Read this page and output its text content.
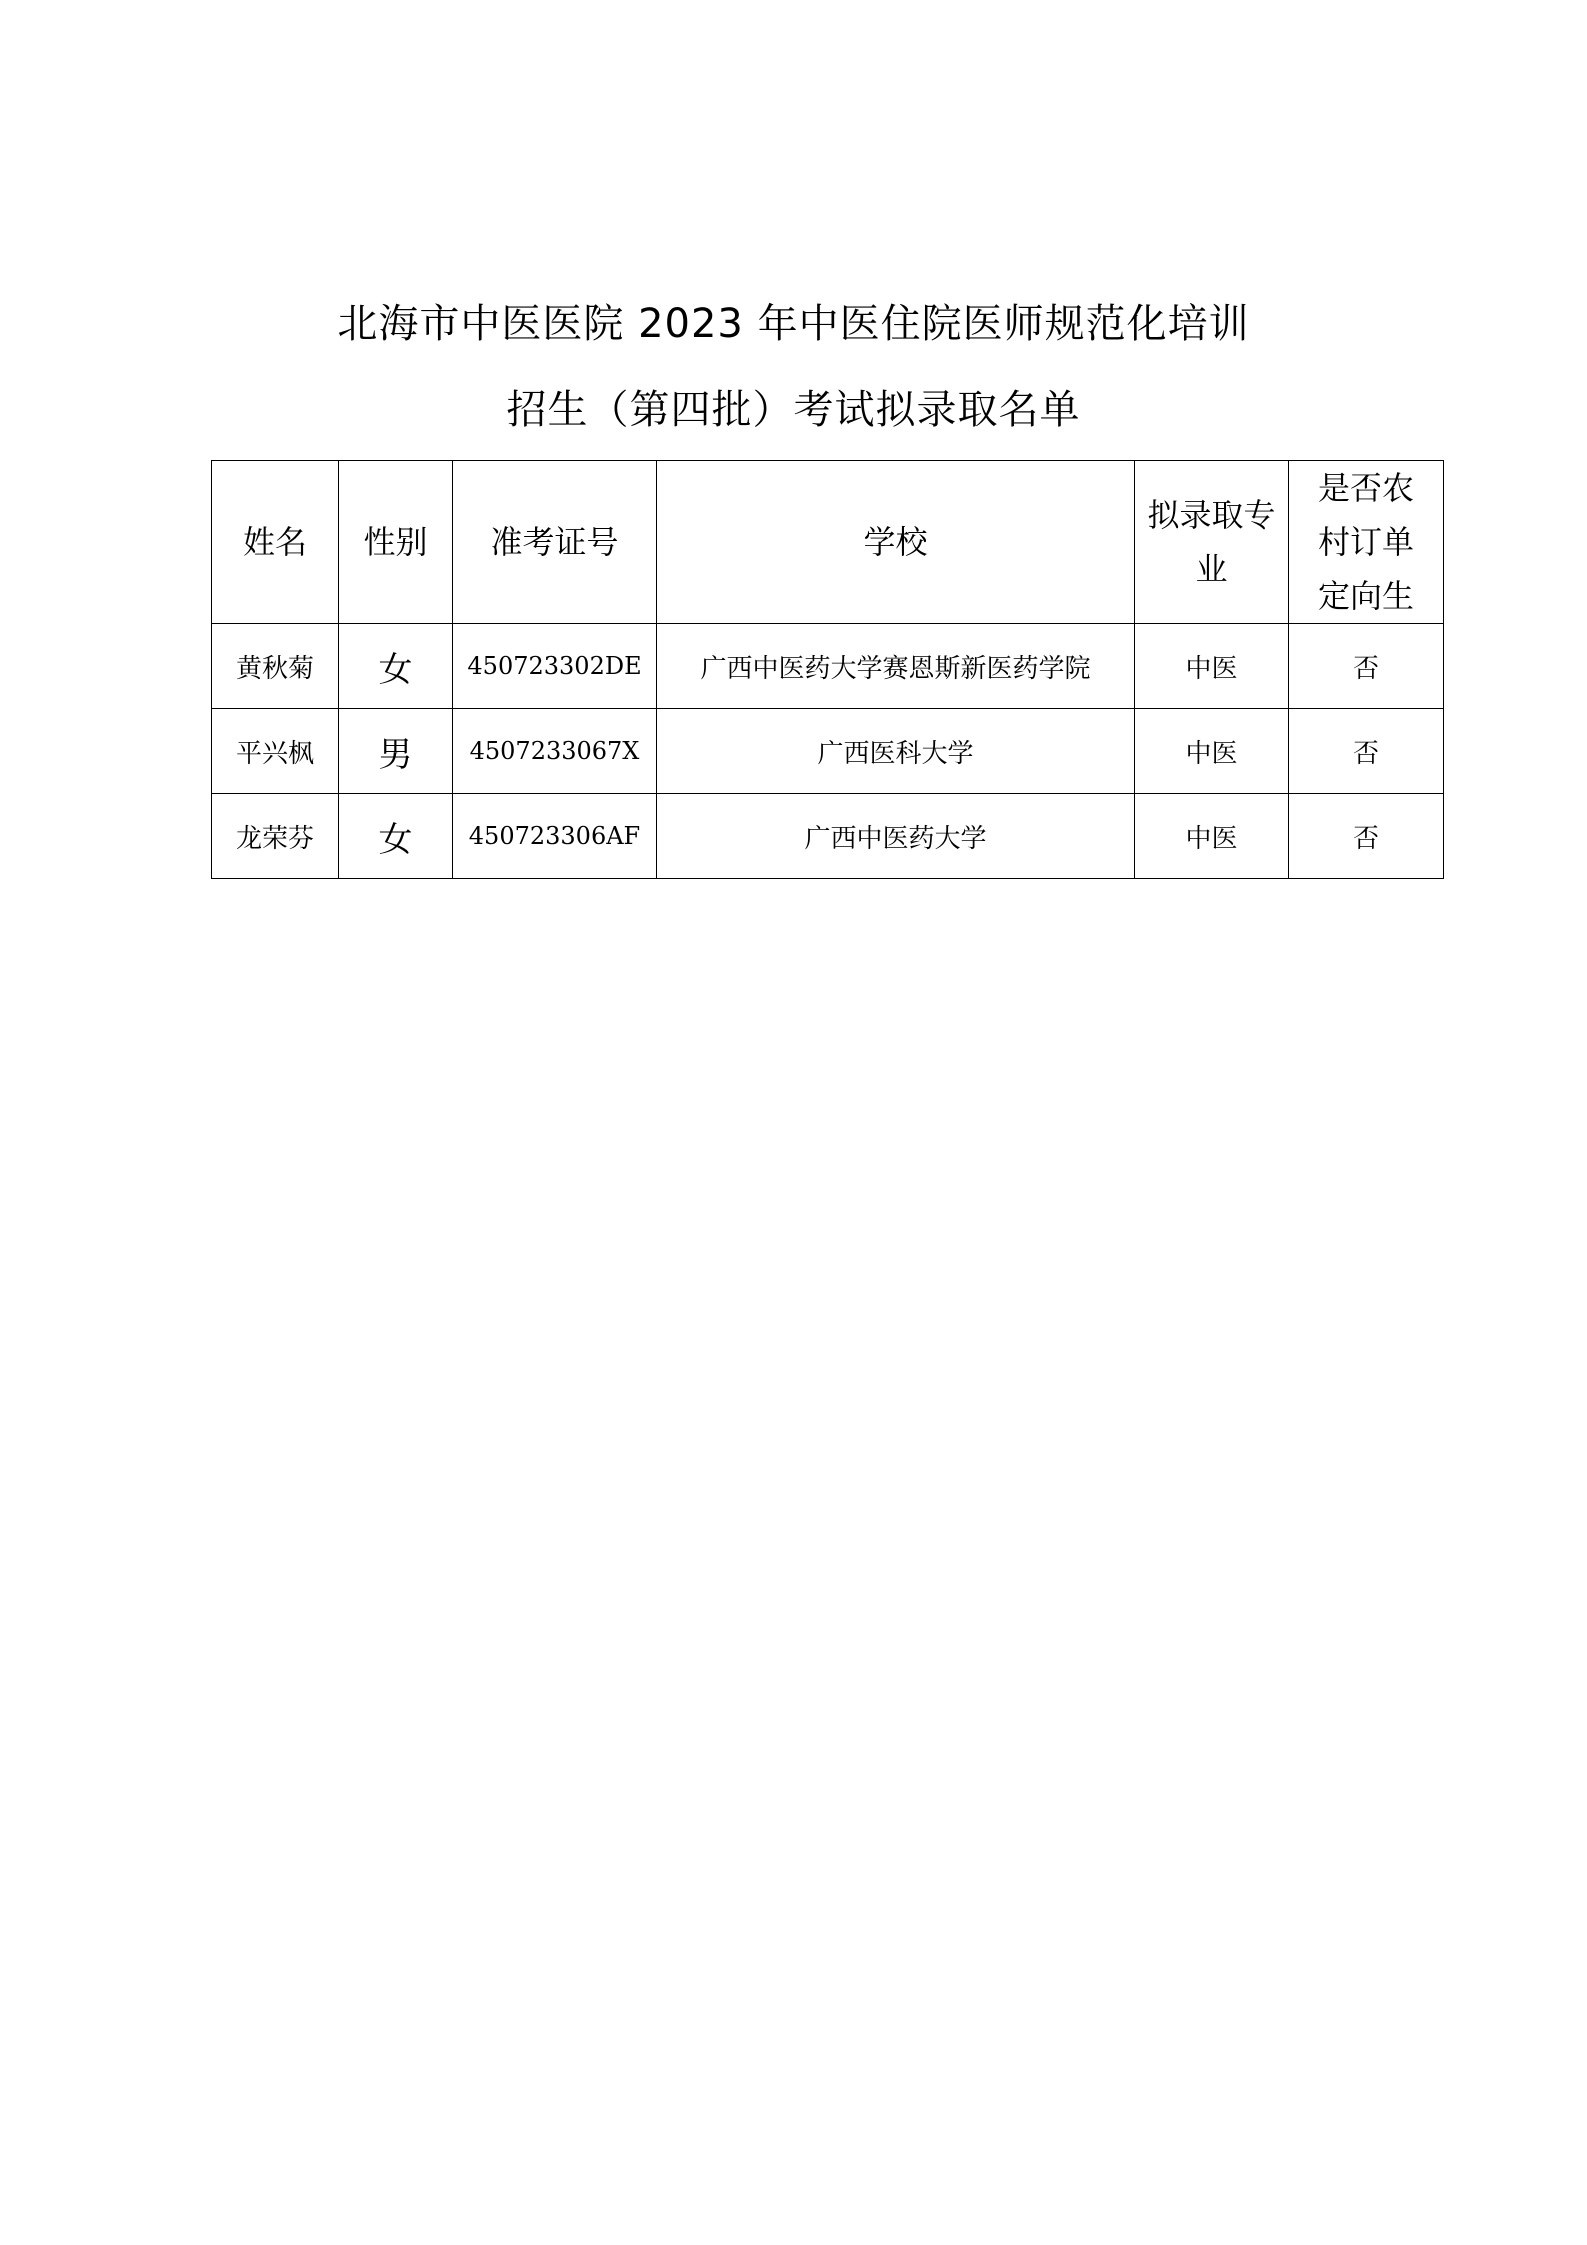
北海市中医医院 2023 年中医住院医师规范化培训
招生（第四批）考试拟录取名单
姓名	性别	准考证号	学校	拟录取专业	是否农村订单定向生

黄秋菊	女	450723302DE	广西中医药大学赛恩斯新医药学院	中医	否
平兴枫	男	4507233067X	广西医科大学	中医	否
龙荣芬	女	450723306AF	广西中医药大学	中医	否
